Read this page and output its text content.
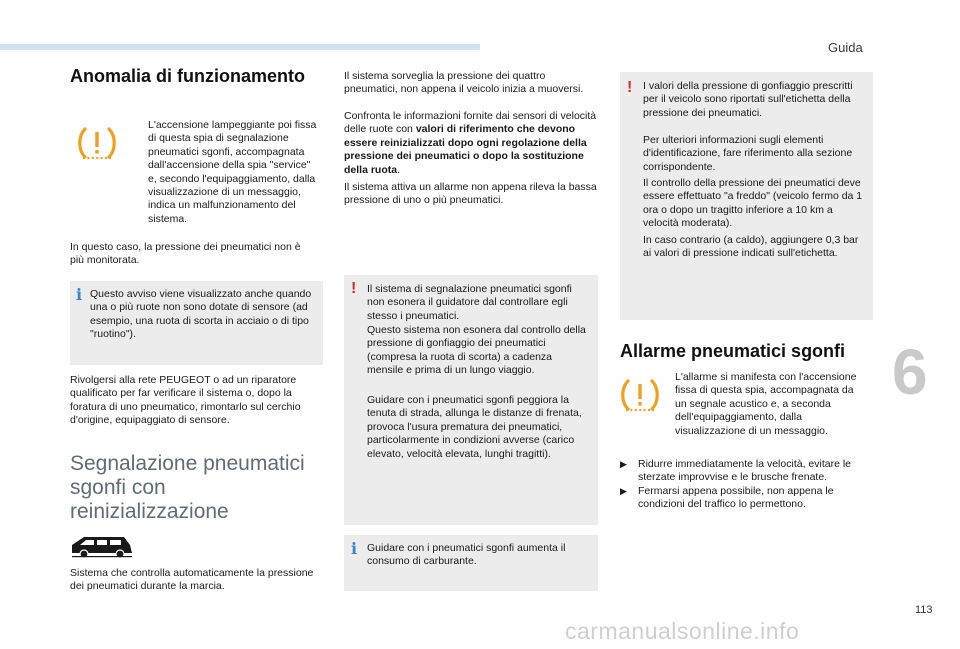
Guida
6
113
carmanualsonline.info
Anomalia di funzionamento

L'accensione lampeggiante poi fissa di questa spia di segnalazione pneumatici sgonfi, accompagnata dall'accensione della spia "service" e, secondo l'equipaggiamento, dalla visualizzazione di un messaggio, indica un malfunzionamento del sistema.

In questo caso, la pressione dei pneumatici non è più monitorata.

i Questo avviso viene visualizzato anche quando una o più ruote non sono dotate di sensore (ad esempio, una ruota di scorta in acciaio o di tipo "ruotino").

Rivolgersi alla rete PEUGEOT o ad un riparatore qualificato per far verificare il sistema o, dopo la foratura di uno pneumatico, rimontarlo sul cerchio d'origine, equipaggiato di sensore.

Segnalazione pneumatici sgonfi con reinizializzazione

Sistema che controlla automaticamente la pressione dei pneumatici durante la marcia.

Il sistema sorveglia la pressione dei quattro pneumatici, non appena il veicolo inizia a muoversi.

Confronta le informazioni fornite dai sensori di velocità delle ruote con valori di riferimento che devono essere reinizializzati dopo ogni regolazione della pressione dei pneumatici o dopo la sostituzione della ruota.

Il sistema attiva un allarme non appena rileva la bassa pressione di uno o più pneumatici.

! Il sistema di segnalazione pneumatici sgonfi non esonera il guidatore dal controllare egli stesso i pneumatici.

Questo sistema non esonera dal controllo della pressione di gonfiaggio dei pneumatici (compresa la ruota di scorta) a cadenza mensile e prima di un lungo viaggio.

Guidare con i pneumatici sgonfi peggiora la tenuta di strada, allunga le distanze di frenata, provoca l'usura prematura dei pneumatici, particolarmente in condizioni avverse (carico elevato, velocità elevata, lunghi tragitti).

i Guidare con i pneumatici sgonfi aumenta il consumo di carburante.

! I valori della pressione di gonfiaggio prescritti per il veicolo sono riportati sull'etichetta della pressione dei pneumatici.

Per ulteriori informazioni sugli elementi d'identificazione, fare riferimento alla sezione corrispondente.

Il controllo della pressione dei pneumatici deve essere effettuato "a freddo" (veicolo fermo da 1 ora o dopo un tragitto inferiore a 10 km a velocità moderata).

In caso contrario (a caldo), aggiungere 0,3 bar ai valori di pressione indicati sull'etichetta.

Allarme pneumatici sgonfi

L'allarme si manifesta con l'accensione fissa di questa spia, accompagnata da un segnale acustico e, a seconda dell'equipaggiamento, dalla visualizzazione di un messaggio.

▶ Ridurre immediatamente la velocità, evitare le sterzate improvvise e le brusche frenate.
▶ Fermarsi appena possibile, non appena le condizioni del traffico lo permettono.
